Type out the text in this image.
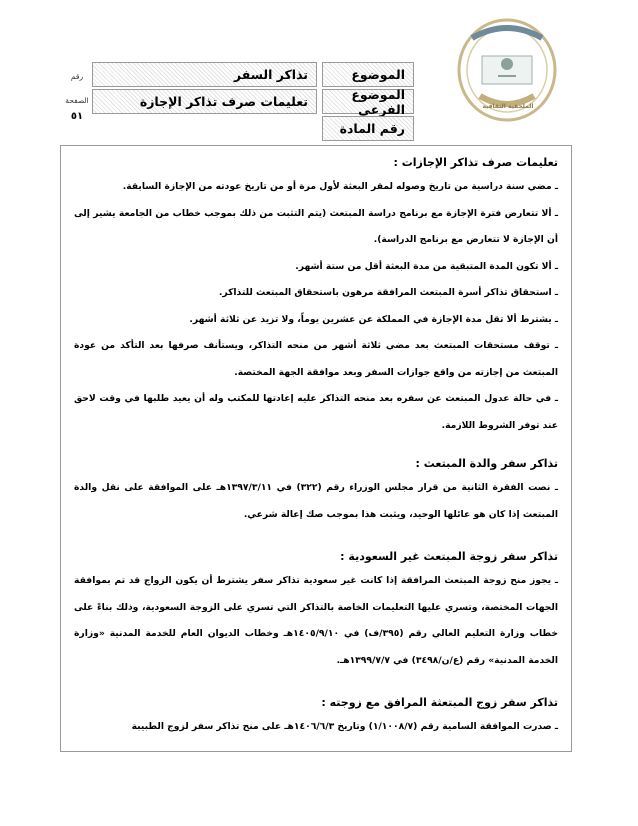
الملحقية الثقافية
رقم
الصفحة
٥١
تذاكر السفر	الموضوع
تعليمات صرف تذاكر الإجازة	الموضوع الفرعي
رقم المادة

تعليمات صرف تذاكر الإجازات :

ـ مضي سنة دراسية من تاريخ وصوله لمقر البعثة لأول مرة أو من تاريخ عودته من الإجازة السابقة.

ـ ألا تتعارض فترة الإجازة مع برنامج دراسة المبتعث (يتم التثبت من ذلك بموجب خطاب من الجامعة يشير إلى أن الإجازة لا تتعارض مع برنامج الدراسة).

ـ ألا تكون المدة المتبقية من مدة البعثة أقل من ستة أشهر.

ـ استحقاق تذاكر أسرة المبتعث المرافقة مرهون باستحقاق المبتعث للتذاكر.

ـ يشترط ألا تقل مدة الإجازة في المملكة عن عشرين يوماً، ولا تزيد عن ثلاثة أشهر.

ـ توقف مستحقات المبتعث بعد مضي ثلاثة أشهر من منحه التذاكر، ويستأنف صرفها بعد التأكد من عودة المبتعث من إجازته من واقع جوازات السفر وبعد موافقة الجهة المختصة.

ـ في حالة عدول المبتعث عن سفره بعد منحه التذاكر عليه إعادتها للمكتب وله أن يعيد طلبها في وقت لاحق عند توفر الشروط اللازمة.

تذاكر سفر والدة المبتعث :

ـ نصت الفقرة الثانية من قرار مجلس الوزراء رقم (٣٢٢) في ١٣٩٧/٣/١١هـ على الموافقة على نقل والدة المبتعث إذا كان هو عائلها الوحيد، ويثبت هذا بموجب صك إعالة شرعي.

تذاكر سفر زوجة المبتعث غير السعودية :

ـ يجوز منح زوجة المبتعث المرافقة إذا كانت غير سعودية تذاكر سفر يشترط أن يكون الزواج قد تم بموافقة الجهات المختصة، وتسري عليها التعليمات الخاصة بالتذاكر التي تسري على الزوجة السعودية، وذلك بناءً على خطاب وزارة التعليم العالي رقم (٣٩٥/ف) في ١٤٠٥/٩/١٠هـ وخطاب الديوان العام للخدمة المدنية «وزارة الخدمة المدنية» رقم (ع/ن/٣٤٩٨) في ١٣٩٩/٧/٧هـ.

تذاكر سفر زوج المبتعثة المرافق مع زوجته :

ـ صدرت الموافقة السامية رقم (١/١٠٠٨/٧) وتاريخ ١٤٠٦/٦/٣هـ على منح تذاكر سفر لزوج الطبيبة
